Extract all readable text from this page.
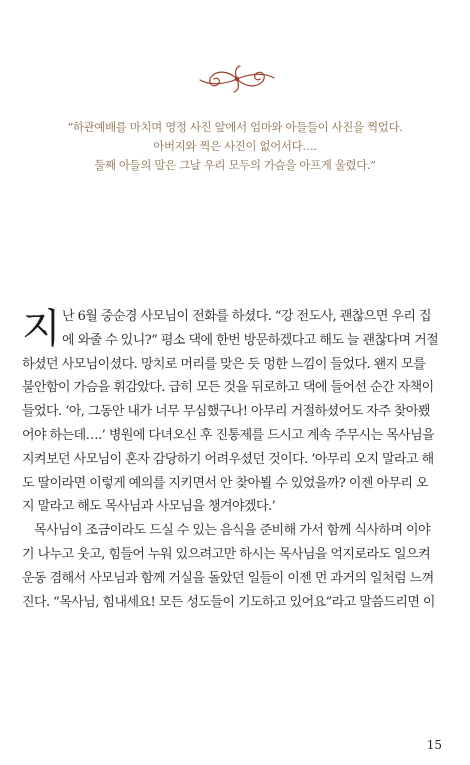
“하관예배를 마치며 영정 사진 앞에서 엄마와 아들들이 사진을 찍었다.
아버지와 찍은 사진이 없어서다….
둘째 아들의 말은 그날 우리 모두의 가슴을 아프게 울렸다.”
지 난 6월 중순경 사모님이 전화를 하셨다. “강 전도사, 괜찮으면 우리 집
에 와줄 수 있니?” 평소 댁에 한번 방문하겠다고 해도 늘 괜찮다며 거절
하셨던 사모님이셨다. 망치로 머리를 맞은 듯 멍한 느낌이 들었다. 왠지 모를
불안함이 가슴을 휘감았다. 급히 모든 것을 뒤로하고 댁에 들어선 순간 자책이
들었다. ‘아, 그동안 내가 너무 무심했구나! 아무리 거절하셨어도 자주 찾아뵀
어야 하는데….’ 병원에 다녀오신 후 진통제를 드시고 계속 주무시는 목사님을
지켜보던 사모님이 혼자 감당하기 어려우셨던 것이다. ‘아무리 오지 말라고 해
도 딸이라면 이렇게 예의를 지키면서 안 찾아뵐 수 있었을까? 이젠 아무리 오
지 말라고 해도 목사님과 사모님을 챙겨야겠다.’
목사님이 조금이라도 드실 수 있는 음식을 준비해 가서 함께 식사하며 이야
기 나누고 웃고, 힘들어 누워 있으려고만 하시는 목사님을 억지로라도 일으켜
운동 겸해서 사모님과 함께 거실을 돌았던 일들이 이젠 먼 과거의 일처럼 느껴
진다. “목사님, 힘내세요! 모든 성도들이 기도하고 있어요”라고 말씀드리면 이
15
